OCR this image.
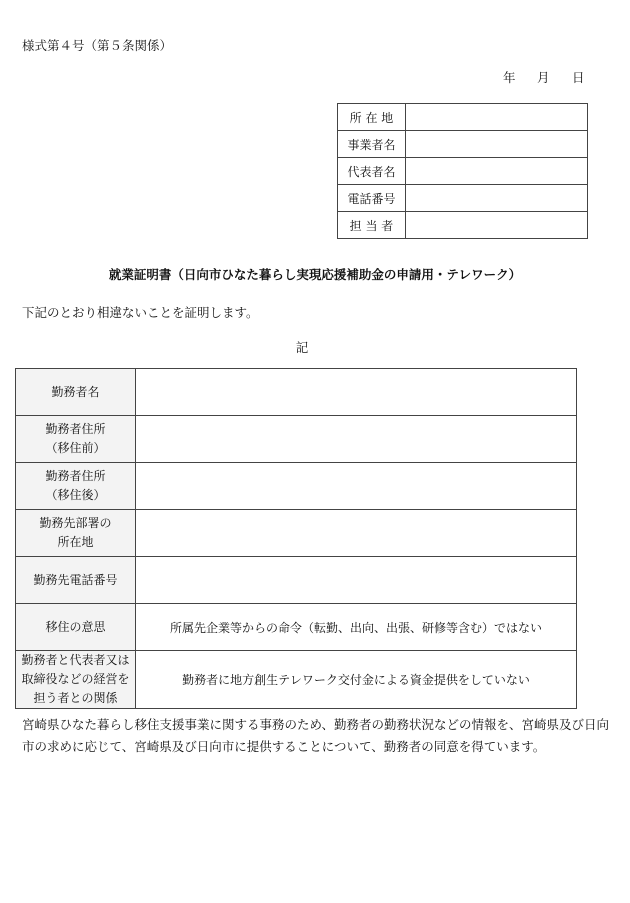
様式第４号（第５条関係）
年 月 日
所 在 地	
事業者名	
代表者名	
電話番号	
担 当 者	
就業証明書（日向市ひなた暮らし実現応援補助金の申請用・テレワーク）
下記のとおり相違ないことを証明します。
記
勤務者名	

勤務者住所
（移住前）	

勤務者住所
（移住後）	

勤務先部署の
所在地	

勤務先電話番号	

移住の意思	所属先企業等からの命令（転勤、出向、出張、研修等含む）ではない

勤務者と代表者又は
取締役などの経営を
担う者との関係	勤務者に地方創生テレワーク交付金による資金提供をしていない
宮崎県ひなた暮らし移住支援事業に関する事務のため、勤務者の勤務状況などの情報を、宮崎県及び日向市の求めに応じて、宮崎県及び日向市に提供することについて、勤務者の同意を得ています。
